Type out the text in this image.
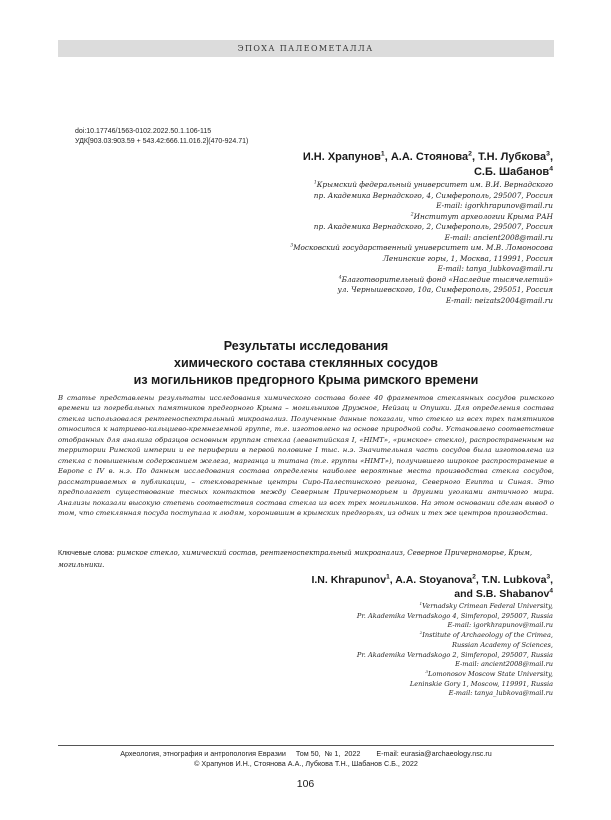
ЭПОХА ПАЛЕОМЕТАЛЛА
doi:10.17746/1563-0102.2022.50.1.106-115
УДК[903.03:903.59 + 543.42:666.11.016.2](470-924.71)
И.Н. Храпунов$^1$, А.А. Стоянова$^2$, Т.Н. Лубкова$^3$,
С.Б. Шабанов$^4$
$^1$Крымский федеральный университет им. В.И. Вернадского
пр. Академика Вернадского, 4, Симферополь, 295007, Россия
E-mail: igorkhrapunov@mail.ru
$^2$Институт археологии Крыма РАН
пр. Академика Вернадского, 2, Симферополь, 295007, Россия
E-mail: ancient2008@mail.ru
$^3$Московский государственный университет им. М.В. Ломоносова
Ленинские горы, 1, Москва, 119991, Россия
E-mail: tanya_lubkova@mail.ru
$^4$Благотворительный фонд «Наследие тысячелетий»
ул. Чернышевского, 10а, Симферополь, 295051, Россия
E-mail: neizats2004@mail.ru
Результаты исследования
химического состава стеклянных сосудов
из могильников предгорного Крыма римского времени
В статье представлены результаты исследования химического состава более 40 фрагментов стеклянных сосудов римского времени из погребальных памятников предгорного Крыма – могильников Дружное, Нейзац и Опушки. Для определения состава стекла использовался рентгеноспектральный микроанализ. Полученные данные показали, что стекло из всех трех памятников относится к натриево-кальциево-кремнеземной группе, т.е. изготовлено на основе природной соды. Установлено соответствие отобранных для анализа образцов основным группам стекла (левантийская I, «HIMT», «римское» стекло), распространенным на территории Римской империи и ее периферии в первой половине I тыс. н.э. Значительная часть сосудов была изготовлена из стекла с повышенным содержанием железа, марганца и титана (т.е. группы «HIMT»), получившего широкое распространение в Европе с IV в. н.э. По данным исследования состава определены наиболее вероятные места производства стекла сосудов, рассматриваемых в публикации, – стекловаренные центры Сиро-Палестинского региона, Северного Египта и Синая. Это предполагает существование тесных контактов между Северным Причерноморьем и другими уголками античного мира. Анализы показали высокую степень соответствия состава стекла из всех трех могильников. На этом основании сделан вывод о том, что стеклянная посуда поступала к людям, хоронившим в крымских предгорьях, из одних и тех же центров производства.
Ключевые слова: римское стекло, химический состав, рентгеноспектральный микроанализ, Северное Причерноморье, Крым, могильники.
I.N. Khrapunov$^1$, A.A. Stoyanova$^2$, T.N. Lubkova$^3$,
and S.B. Shabanov$^4$
$^1$Vernadsky Crimean Federal University,
Pr. Akademika Vernadskogo 4, Simferopol, 295007, Russia
E-mail: igorkhrapunov@mail.ru
$^2$Institute of Archaeology of the Crimea,
Russian Academy of Sciences,
Pr. Akademika Vernadskogo 2, Simferopol, 295007, Russia
E-mail: ancient2008@mail.ru
$^3$Lomonosov Moscow State University,
Leninskie Gory 1, Moscow, 119991, Russia
E-mail: tanya_lubkova@mail.ru
Археология, этнография и антропология Евразии Том 50, № 1, 2022 E-mail: eurasia@archaeology.nsc.ru
© Храпунов И.Н., Стоянова А.А., Лубкова Т.Н., Шабанов С.Б., 2022
106
